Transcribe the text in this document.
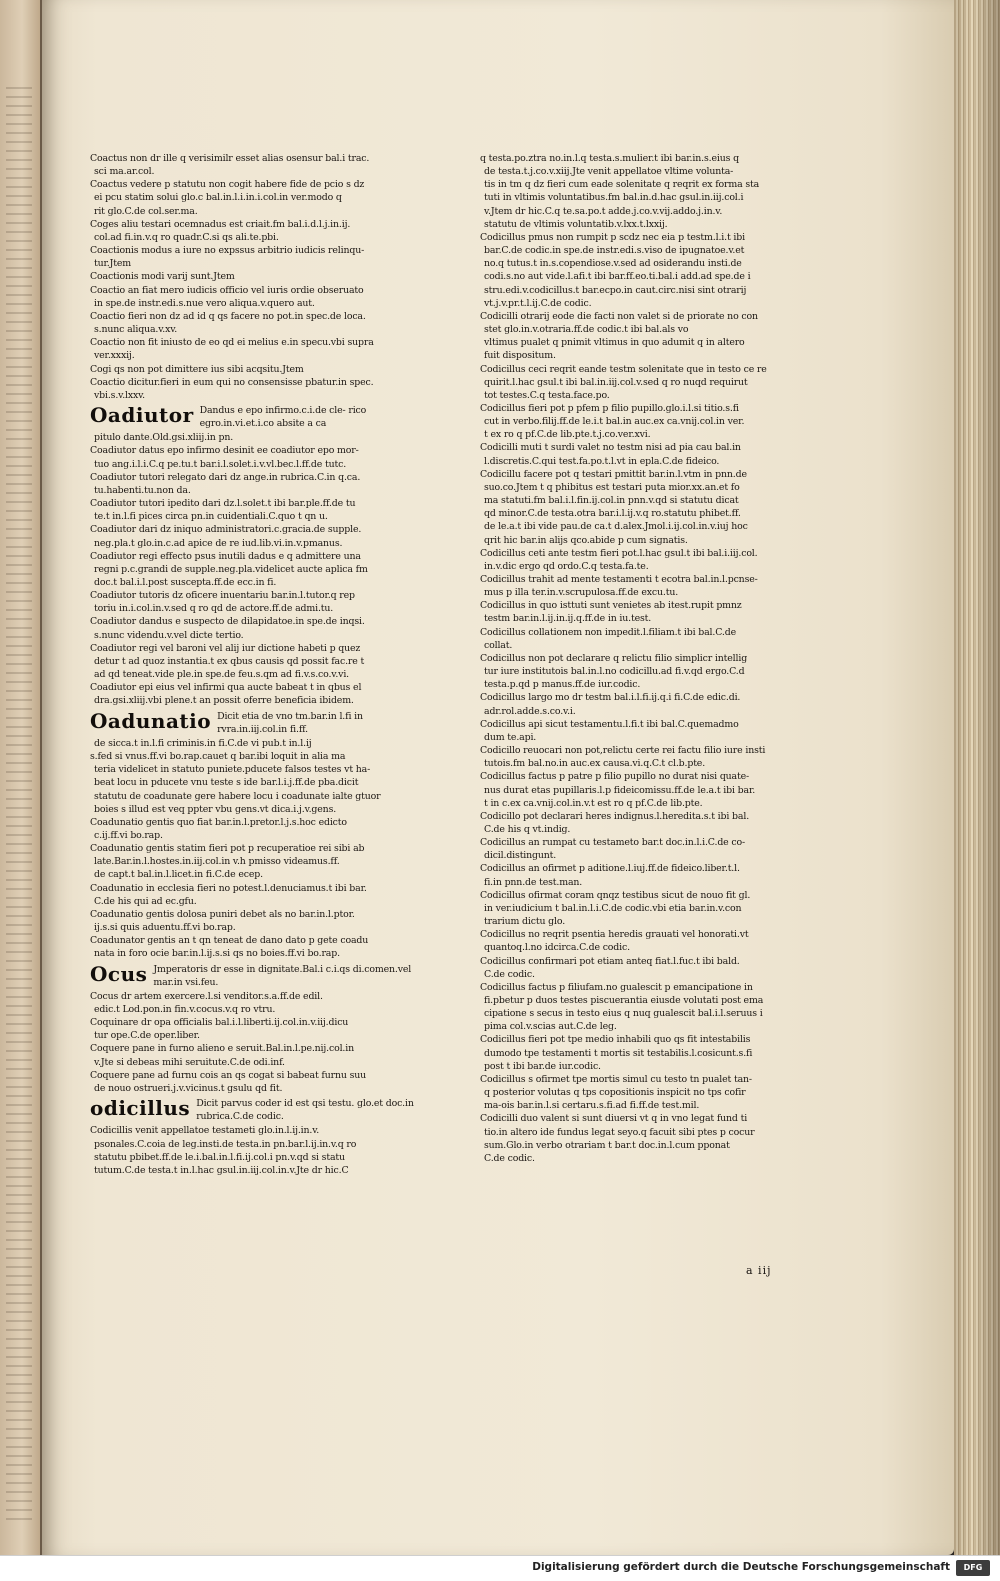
Coactus non dr ille q verisimilr esset alias osensur bal.i trac.
sci ma.ar.col.
Coactus vedere p statutu non cogit habere fide de pcio s dz
ei pcu statim solui glo.c bal.in.l.i.in.i.col.in ver.modo q
rit glo.C.de col.ser.ma.
Coges aliu testari ocemnadus est criait.fm bal.i.d.l.j.in.ij.
col.ad fi.in.v.q ro quadr.C.si qs ali.te.pbi.
Coactionis modus a iure no expssus arbitrio iudicis relinqu-
tur.Jtem
Coactionis modi varij sunt.Jtem
Coactio an fiat mero iudicis officio vel iuris ordie obseruato
in spe.de instr.edi.s.nue vero aliqua.v.quero aut.
Coactio fieri non dz ad id q qs facere no pot.in spec.de loca.
s.nunc aliqua.v.xv.
Coactio non fit iniusto de eo qd ei melius e.in specu.vbi supra
ver.xxxij.
Cogi qs non pot dimittere ius sibi acqsitu.Jtem
Coactio dicitur.fieri in eum qui no consensisse pbatur.in spec.
vbi.s.v.lxxv.
Oadiutor Dandus e epo infirmo.c.i.de cle- rico egro.in.vi.et.i.co absite a ca
pitulo dante.Old.gsi.xliij.in pn.
Coadiutor datus epo infirmo desinit ee coadiutor epo mor-
tuo ang.i.l.i.C.q pe.tu.t bar.i.l.solet.i.v.vl.bec.l.ff.de tutc.
Coadiutor tutori relegato dari dz ange.in rubrica.C.in q.ca.
tu.habenti.tu.non da.
Coadiutor tutori ipedito dari dz.l.solet.t ibi bar.ple.ff.de tu
te.t in.l.fi pices circa pn.in cuidentiali.C.quo t qn u.
Coadiutor dari dz iniquo administratori.c.gracia.de supple.
neg.pla.t glo.in.c.ad apice de re iud.lib.vi.in.v.pmanus.
Coadiutor regi effecto psus inutili dadus e q admittere una
regni p.c.grandi de supple.neg.pla.videlicet aucte aplica fm
doc.t bal.i.l.post suscepta.ff.de ecc.in fi.
Coadiutor tutoris dz oficere inuentariu bar.in.l.tutor.q rep
toriu in.i.col.in.v.sed q ro qd de actore.ff.de admi.tu.
Coadiutor dandus e suspecto de dilapidatoe.in spe.de inqsi.
s.nunc videndu.v.vel dicte tertio.
Coadiutor regi vel baroni vel alij iur dictione habeti p quez
detur t ad quoz instantia.t ex qbus causis qd possit fac.re t
ad qd teneat.vide ple.in spe.de feu.s.qm ad fi.v.s.co.v.vi.
Coadiutor epi eius vel infirmi qua aucte babeat t in qbus el
dra.gsi.xliij.vbi plene.t an possit oferre beneficia ibidem.
Oadunatio Dicit etia de vno tm.bar.in l.fi in rvra.in.iij.col.in fi.ff.
de sicca.t in.l.fi criminis.in fi.C.de vi pub.t in.l.ij
s.fed si vnus.ff.vi bo.rap.cauet q bar.ibi loquit in alia ma
teria videlicet in statuto puniete.pducete falsos testes vt ha-
beat locu in pducete vnu teste s ide bar.l.i.j.ff.de pba.dicit
statutu de coadunate gere habere locu i coadunate ialte gtuor
boies s illud est veq ppter vbu gens.vt dica.i.j.v.gens.
Coadunatio gentis quo fiat bar.in.l.pretor.l.j.s.hoc edicto
c.ij.ff.vi bo.rap.
Coadunatio gentis statim fieri pot p recuperatioe rei sibi ab
late.Bar.in.l.hostes.in.iij.col.in v.h pmisso videamus.ff.
de capt.t bal.in.l.licet.in fi.C.de ecep.
Coadunatio in ecclesia fieri no potest.l.denuciamus.t ibi bar.
C.de his qui ad ec.gfu.
Coadunatio gentis dolosa puniri debet als no bar.in.l.ptor.
ij.s.si quis aduentu.ff.vi bo.rap.
Coadunator gentis an t qn teneat de dano dato p gete coadu
nata in foro ocie bar.in.l.ij.s.si qs no boies.ff.vi bo.rap.
Ocus Jmperatoris dr esse in dignitate.Bal.i c.i.qs di.comen.vel mar.in vsi.feu.
Cocus dr artem exercere.l.si venditor.s.a.ff.de edil.
edic.t Lod.pon.in fin.v.cocus.v.q ro vtru.
Coquinare dr opa officialis bal.i.l.liberti.ij.col.in.v.iij.dicu
tur ope.C.de oper.liber.
Coquere pane in furno alieno e seruit.Bal.in.l.pe.nij.col.in
v.Jte si debeas mihi seruitute.C.de odi.inf.
Coquere pane ad furnu cois an qs cogat si babeat furnu suu
de nouo ostrueri.j.v.vicinus.t gsulu qd fit.
odicillus Dicit parvus coder id est qsi testu. glo.et doc.in rubrica.C.de codic.
Codicillis venit appellatoe testameti glo.in.l.ij.in.v.
psonales.C.coia de leg.insti.de testa.in pn.bar.l.ij.in.v.q ro
statutu pbibet.ff.de le.i.bal.in.l.fi.ij.col.i pn.v.qd si statu
tutum.C.de testa.t in.l.hac gsul.in.iij.col.in.v.Jte dr hic.C
q testa.po.ztra no.in.l.q testa.s.mulier.t ibi bar.in.s.eius q
de testa.t.j.co.v.xiij.Jte venit appellatoe vltime volunta-
tis in tm q dz fieri cum eade solenitate q reqrit ex forma sta
tuti in vltimis voluntatibus.fm bal.in.d.hac gsul.in.iij.col.i
v.Jtem dr hic.C.q te.sa.po.t adde.j.co.v.vij.addo.j.in.v.
statutu de vltimis voluntatib.v.lxx.t.lxxij.
Codicillus pmus non rumpit p scdz nec eia p testm.l.i.t ibi
bar.C.de codic.in spe.de instr.edi.s.viso de ipugnatoe.v.et
no.q tutus.t in.s.copendiose.v.sed ad osiderandu insti.de
codi.s.no aut vide.l.afi.t ibi bar.ff.eo.ti.bal.i add.ad spe.de i
stru.edi.v.codicillus.t bar.ecpo.in caut.circ.nisi sint otrarij
vt.j.v.pr.t.l.ij.C.de codic.
Codicilli otrarij eode die facti non valet si de priorate no con
stet glo.in.v.otraria.ff.de codic.t ibi bal.als vo
vltimus pualet q pnimit vltimus in quo adumit q in altero
fuit dispositum.
Codicillus ceci reqrit eande testm solenitate que in testo ce re
quirit.l.hac gsul.t ibi bal.in.iij.col.v.sed q ro nuqd requirut
tot testes.C.q testa.face.po.
Codicillus fieri pot p pfem p filio pupillo.glo.i.l.si titio.s.fi
cut in verbo.filij.ff.de le.i.t bal.in auc.ex ca.vnij.col.in ver.
t ex ro q pf.C.de lib.pte.t.j.co.ver.xvi.
Codicilli muti t surdi valet no testm nisi ad pia cau bal.in
l.discretis.C.qui test.fa.po.t.l.vt in epla.C.de fideico.
Codicillu facere pot q testari pmittit bar.in.l.vtm in pnn.de
suo.co.Jtem t q phibitus est testari puta mior.xx.an.et fo
ma statuti.fm bal.i.l.fin.ij.col.in pnn.v.qd si statutu dicat
qd minor.C.de testa.otra bar.i.l.ij.v.q ro.statutu phibet.ff.
de le.a.t ibi vide pau.de ca.t d.alex.Jmol.i.ij.col.in.v.iuj hoc
qrit hic bar.in alijs qco.abide p cum signatis.
Codicillus ceti ante testm fieri pot.l.hac gsul.t ibi bal.i.iij.col.
in.v.dic ergo qd ordo.C.q testa.fa.te.
Codicillus trahit ad mente testamenti t ecotra bal.in.l.pcnse-
mus p illa ter.in.v.scrupulosa.ff.de excu.tu.
Codicillus in quo isttuti sunt venietes ab itest.rupit pmnz
testm bar.in.l.ij.in.ij.q.ff.de in iu.test.
Codicillus collationem non impedit.l.filiam.t ibi bal.C.de
collat.
Codicillus non pot declarare q relictu filio simplicr intellig
tur iure institutois bal.in.l.no codicillu.ad fi.v.qd ergo.C.d
testa.p.qd p manus.ff.de iur.codic.
Codicillus largo mo dr testm bal.i.l.fi.ij.q.i fi.C.de edic.di.
adr.rol.adde.s.co.v.i.
Codicillus api sicut testamentu.l.fi.t ibi bal.C.quemadmo
dum te.api.
Codicillo reuocari non pot,relictu certe rei factu filio iure insti
tutois.fm bal.no.in auc.ex causa.vi.q.C.t cl.b.pte.
Codicillus factus p patre p filio pupillo no durat nisi quate-
nus durat etas pupillaris.l.p fideicomissu.ff.de le.a.t ibi bar.
t in c.ex ca.vnij.col.in.v.t est ro q pf.C.de lib.pte.
Codicillo pot declarari heres indignus.l.heredita.s.t ibi bal.
C.de his q vt.indig.
Codicillus an rumpat cu testameto bar.t doc.in.l.i.C.de co-
dicil.distingunt.
Codicillus an ofirmet p aditione.l.iuj.ff.de fideico.liber.t.l.
fi.in pnn.de test.man.
Codicillus ofirmat coram qnqz testibus sicut de nouo fit gl.
in ver.iudicium t bal.in.l.i.C.de codic.vbi etia bar.in.v.con
trarium dictu glo.
Codicillus no reqrit psentia heredis grauati vel honorati.vt
quantoq.l.no idcirca.C.de codic.
Codicillus confirmari pot etiam anteq fiat.l.fuc.t ibi bald.
C.de codic.
Codicillus factus p filiufam.no gualescit p emancipatione in
fi.pbetur p duos testes piscuerantia eiusde volutati post ema
cipatione s secus in testo eius q nuq gualescit bal.i.l.seruus i
pima col.v.scias aut.C.de leg.
Codicillus fieri pot tpe medio inhabili quo qs fit intestabilis
dumodo tpe testamenti t mortis sit testabilis.l.cosicunt.s.fi
post t ibi bar.de iur.codic.
Codicillus s ofirmet tpe mortis simul cu testo tn pualet tan-
q posterior volutas q tps copositionis inspicit no tps cofir
ma-ois bar.in.l.si certaru.s.fi.ad fi.ff.de test.mil.
Codicilli duo valent si sunt diuersi vt q in vno legat fund ti
tio.in altero ide fundus legat seyo.q facuit sibi ptes p cocur
sum.Glo.in verbo otrariam t bar.t doc.in.l.cum pponat
C.de codic.
a iij
Digitalisierung gefördert durch die Deutsche Forschungsgemeinschaft	DFG
